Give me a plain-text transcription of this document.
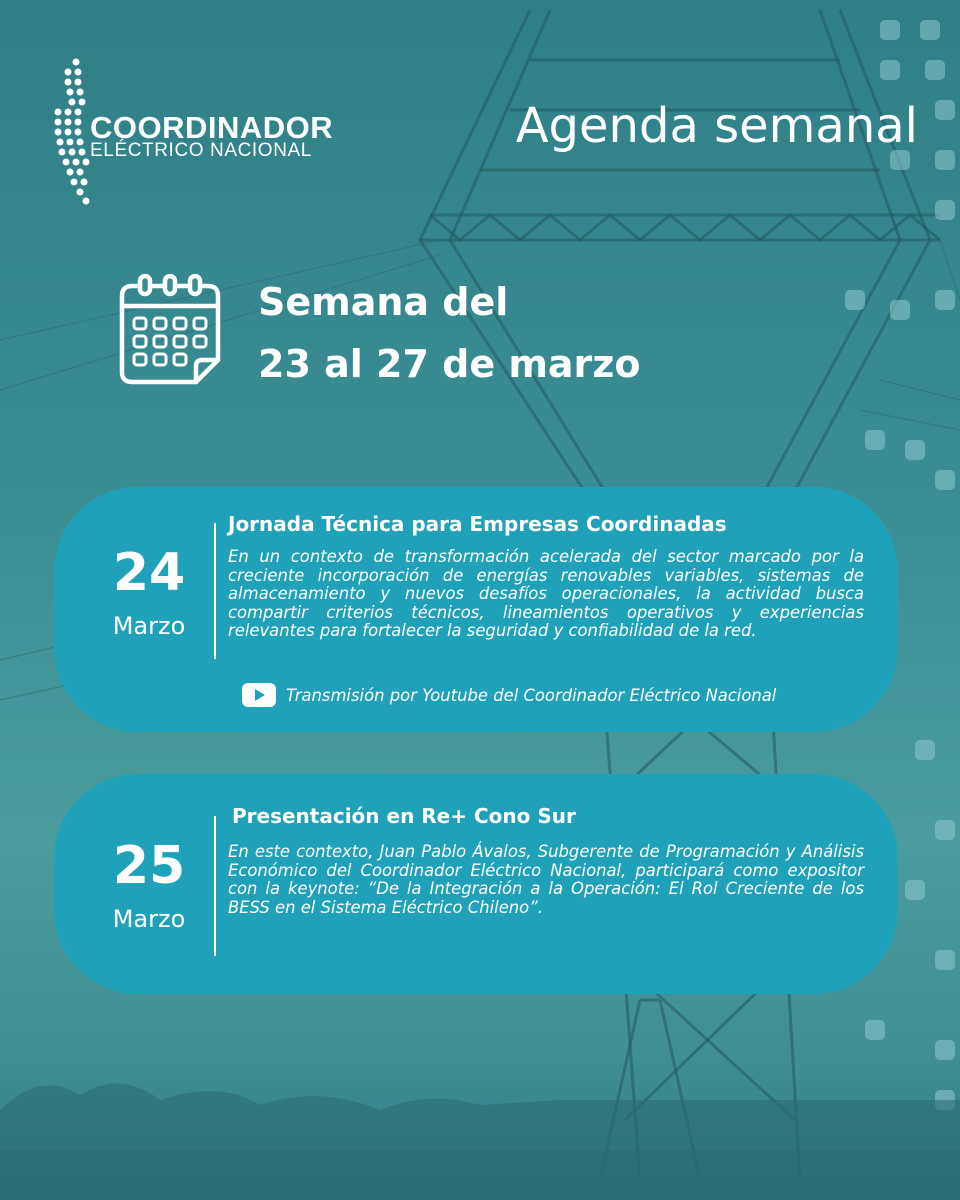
COORDINADOR
ELÉCTRICO NACIONAL	Agenda semanal
Semana del
23 al 27 de marzo
24
Marzo
Jornada Técnica para Empresas Coordinadas

En un contexto de transformación acelerada del sector marcado por la creciente incorporación de energías renovables variables, sistemas de almacenamiento y nuevos desafíos operacionales, la actividad busca compartir criterios técnicos, lineamientos operativos y experiencias relevantes para fortalecer la seguridad y confiabilidad de la red.

Transmisión por Youtube del Coordinador Eléctrico Nacional
25
Marzo
Presentación en Re+ Cono Sur

En este contexto, Juan Pablo Ávalos, Subgerente de Programación y Análisis Económico del Coordinador Eléctrico Nacional, participará como expositor con la keynote: “De la Integración a la Operación: El Rol Creciente de los BESS en el Sistema Eléctrico Chileno”.
